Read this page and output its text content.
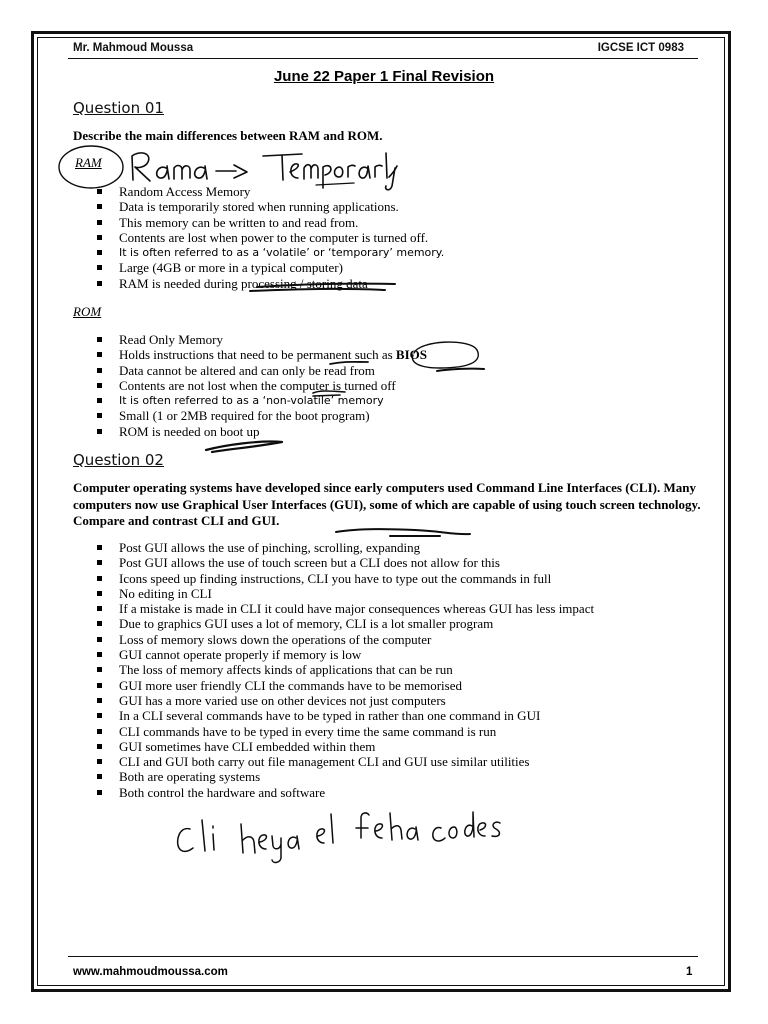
Mr. Mahmoud Moussa	IGCSE ICT 0983
June 22 Paper 1 Final Revision
Question 01
Describe the main differences between RAM and ROM.
RAM
Random Access Memory
Data is temporarily stored when running applications.
This memory can be written to and read from.
Contents are lost when power to the computer is turned off.
It is often referred to as a ‘volatile’ or ‘temporary’ memory.
Large (4GB or more in a typical computer)
RAM is needed during processing / storing data
ROM
Read Only Memory
Holds instructions that need to be permanent such as BIOS
Data cannot be altered and can only be read from
Contents are not lost when the computer is turned off
It is often referred to as a ‘non-volatile’ memory
Small (1 or 2MB required for the boot program)
ROM is needed on boot up
Question 02
Computer operating systems have developed since early computers used Command Line Interfaces (CLI). Many computers now use Graphical User Interfaces (GUI), some of which are capable of using touch screen technology. Compare and contrast CLI and GUI.
Post GUI allows the use of pinching, scrolling, expanding
Post GUI allows the use of touch screen but a CLI does not allow for this
Icons speed up finding instructions, CLI you have to type out the commands in full
No editing in CLI
If a mistake is made in CLI it could have major consequences whereas GUI has less impact
Due to graphics GUI uses a lot of memory, CLI is a lot smaller program
Loss of memory slows down the operations of the computer
GUI cannot operate properly if memory is low
The loss of memory affects kinds of applications that can be run
GUI more user friendly CLI the commands have to be memorised
GUI has a more varied use on other devices not just computers
In a CLI several commands have to be typed in rather than one command in GUI
CLI commands have to be typed in every time the same command is run
GUI sometimes have CLI embedded within them
CLI and GUI both carry out file management CLI and GUI use similar utilities
Both are operating systems
Both control the hardware and software
www.mahmoudmoussa.com	1
